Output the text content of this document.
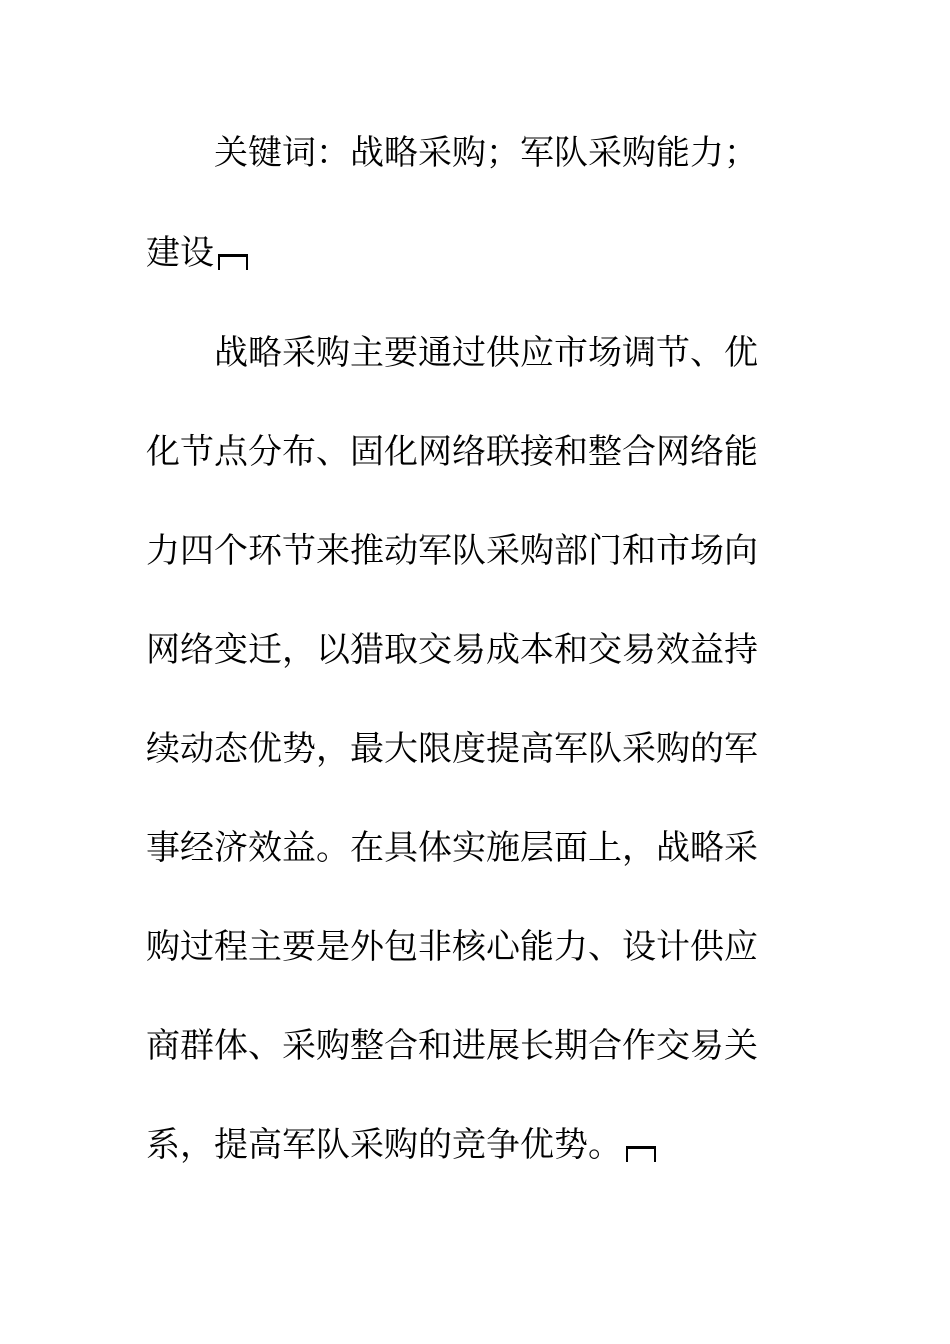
关键词：战略采购；军队采购能力；
建设
战略采购主要通过供应市场调节、优
化节点分布、固化网络联接和整合网络能
力四个环节来推动军队采购部门和市场向
网络变迁，以猎取交易成本和交易效益持
续动态优势，最大限度提高军队采购的军
事经济效益。在具体实施层面上，战略采
购过程主要是外包非核心能力、设计供应
商群体、采购整合和进展长期合作交易关
系，提高军队采购的竞争优势。
